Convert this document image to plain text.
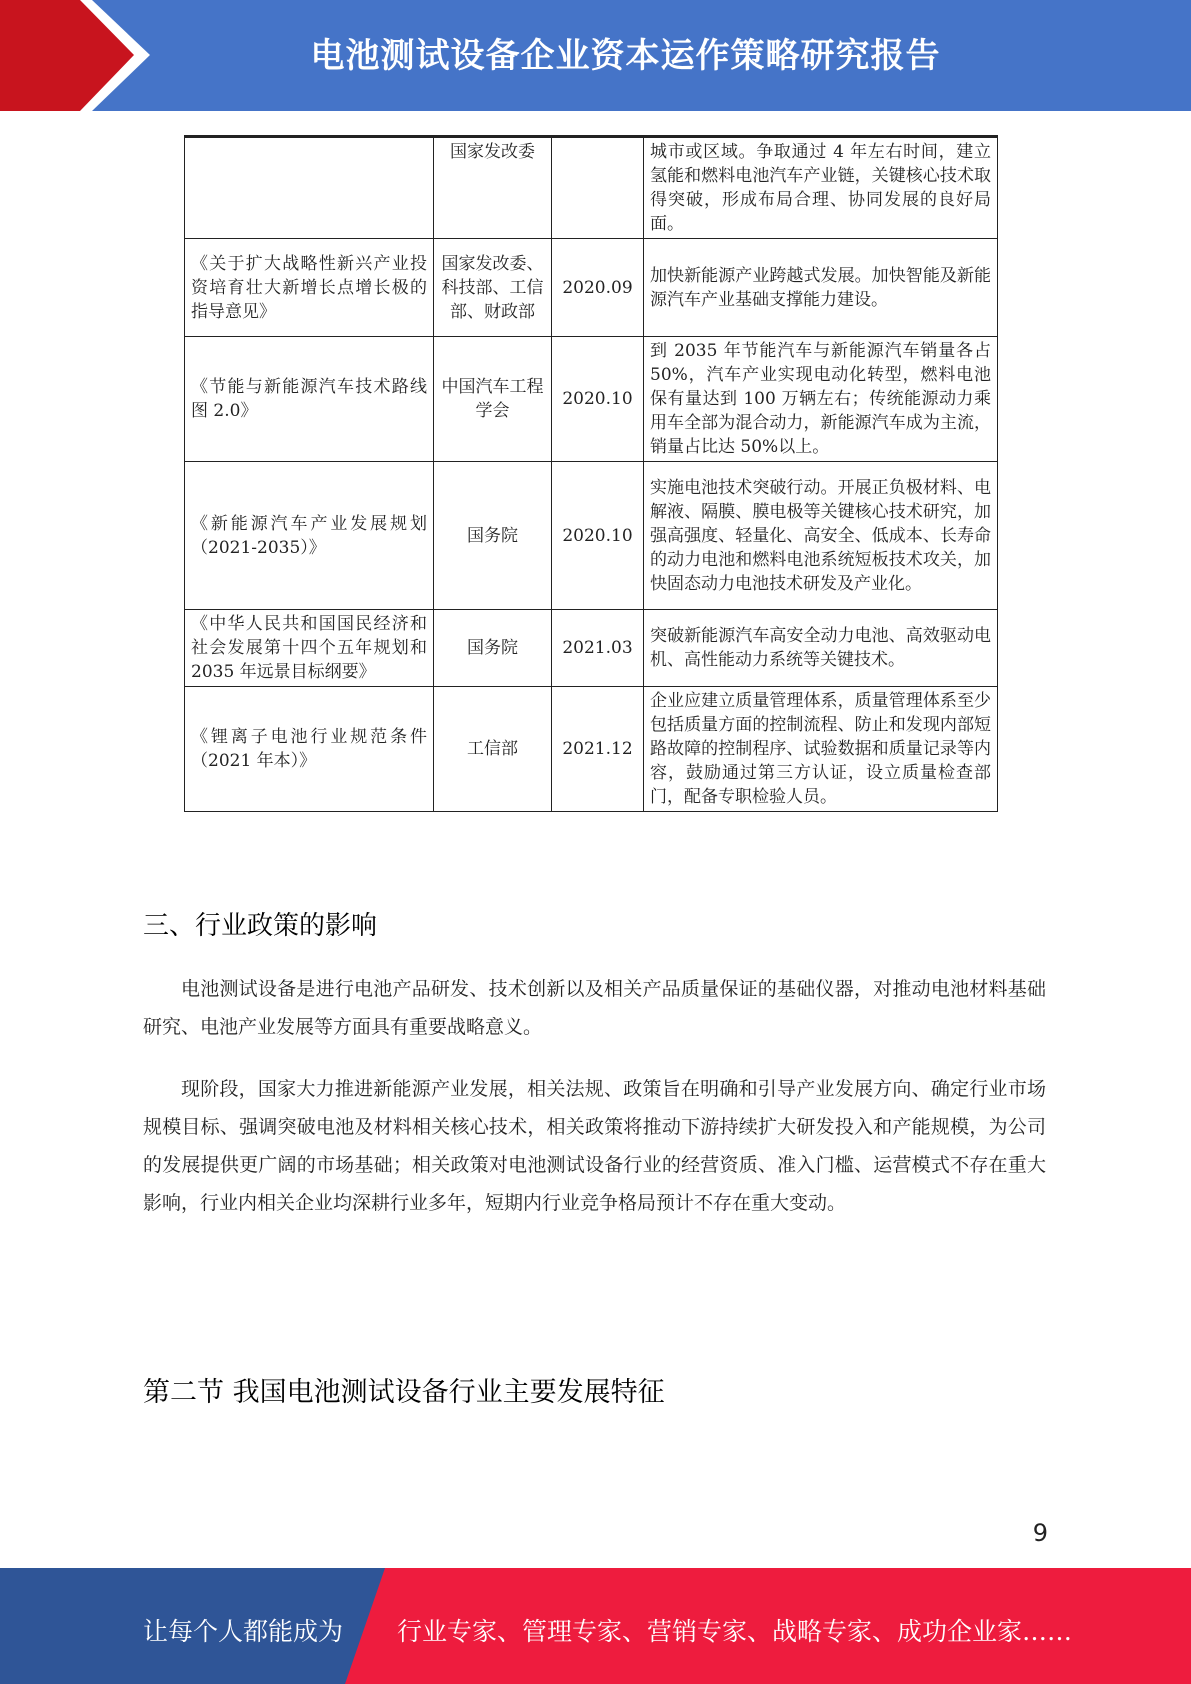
电池测试设备企业资本运作策略研究报告
	国家发改委		城市或区域。争取通过 4 年左右时间，建立氢能和燃料电池汽车产业链，关键核心技术取得突破，形成布局合理、协同发展的良好局面。
《关于扩大战略性新兴产业投资培育壮大新增长点增长极的指导意见》	国家发改委、科技部、工信部、财政部	2020.09	加快新能源产业跨越式发展。加快智能及新能源汽车产业基础支撑能力建设。
《节能与新能源汽车技术路线图 2.0》	中国汽车工程学会	2020.10	到 2035 年节能汽车与新能源汽车销量各占 50%，汽车产业实现电动化转型，燃料电池保有量达到 100 万辆左右；传统能源动力乘用车全部为混合动力，新能源汽车成为主流，销量占比达 50%以上。
《新能源汽车产业发展规划（2021-2035）》	国务院	2020.10	实施电池技术突破行动。开展正负极材料、电解液、隔膜、膜电极等关键核心技术研究，加强高强度、轻量化、高安全、低成本、长寿命的动力电池和燃料电池系统短板技术攻关，加快固态动力电池技术研发及产业化。
《中华人民共和国国民经济和社会发展第十四个五年规划和 2035 年远景目标纲要》	国务院	2021.03	突破新能源汽车高安全动力电池、高效驱动电机、高性能动力系统等关键技术。
《锂离子电池行业规范条件（2021 年本）》	工信部	2021.12	企业应建立质量管理体系，质量管理体系至少包括质量方面的控制流程、防止和发现内部短路故障的控制程序、试验数据和质量记录等内容，鼓励通过第三方认证，设立质量检查部门，配备专职检验人员。
三、行业政策的影响

电池测试设备是进行电池产品研发、技术创新以及相关产品质量保证的基础仪器，对推动电池材料基础研究、电池产业发展等方面具有重要战略意义。

现阶段，国家大力推进新能源产业发展，相关法规、政策旨在明确和引导产业发展方向、确定行业市场规模目标、强调突破电池及材料相关核心技术，相关政策将推动下游持续扩大研发投入和产能规模，为公司的发展提供更广阔的市场基础；相关政策对电池测试设备行业的经营资质、准入门槛、运营模式不存在重大影响，行业内相关企业均深耕行业多年，短期内行业竞争格局预计不存在重大变动。

第二节 我国电池测试设备行业主要发展特征
9
让每个人都能成为 行业专家、管理专家、营销专家、战略专家、成功企业家……
